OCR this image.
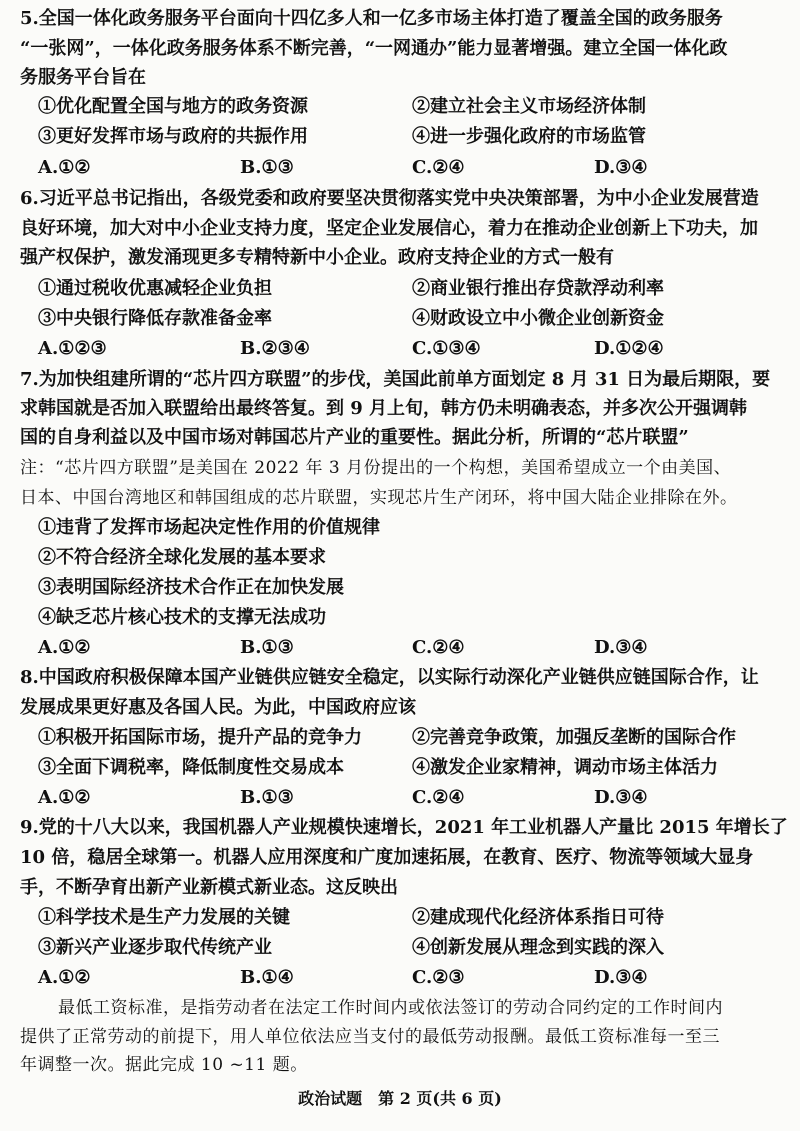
5.全国一体化政务服务平台面向十四亿多人和一亿多市场主体打造了覆盖全国的政务服务
“一张网”，一体化政务服务体系不断完善，“一网通办”能力显著增强。建立全国一体化政
务服务平台旨在
①优化配置全国与地方的政务资源	②建立社会主义市场经济体制
③更好发挥市场与政府的共振作用	④进一步强化政府的市场监管
A.①②	B.①③	C.②④	D.③④
6.习近平总书记指出，各级党委和政府要坚决贯彻落实党中央决策部署，为中小企业发展营造
良好环境，加大对中小企业支持力度，坚定企业发展信心，着力在推动企业创新上下功夫，加
强产权保护，激发涌现更多专精特新中小企业。政府支持企业的方式一般有
①通过税收优惠减轻企业负担	②商业银行推出存贷款浮动利率
③中央银行降低存款准备金率	④财政设立中小微企业创新资金
A.①②③	B.②③④	C.①③④	D.①②④
7.为加快组建所谓的“芯片四方联盟”的步伐，美国此前单方面划定 8 月 31 日为最后期限，要
求韩国就是否加入联盟给出最终答复。到 9 月上旬，韩方仍未明确表态，并多次公开强调韩
国的自身利益以及中国市场对韩国芯片产业的重要性。据此分析，所谓的“芯片联盟”
注：“芯片四方联盟”是美国在 2022 年 3 月份提出的一个构想，美国希望成立一个由美国、
日本、中国台湾地区和韩国组成的芯片联盟，实现芯片生产闭环，将中国大陆企业排除在外。
①违背了发挥市场起决定性作用的价值规律
②不符合经济全球化发展的基本要求
③表明国际经济技术合作正在加快发展
④缺乏芯片核心技术的支撑无法成功
A.①②	B.①③	C.②④	D.③④
8.中国政府积极保障本国产业链供应链安全稳定，以实际行动深化产业链供应链国际合作，让
发展成果更好惠及各国人民。为此，中国政府应该
①积极开拓国际市场，提升产品的竞争力	②完善竞争政策，加强反垄断的国际合作
③全面下调税率，降低制度性交易成本	④激发企业家精神，调动市场主体活力
A.①②	B.①③	C.②④	D.③④
9.党的十八大以来，我国机器人产业规模快速增长，2021 年工业机器人产量比 2015 年增长了
10 倍，稳居全球第一。机器人应用深度和广度加速拓展，在教育、医疗、物流等领域大显身
手，不断孕育出新产业新模式新业态。这反映出
①科学技术是生产力发展的关键	②建成现代化经济体系指日可待
③新兴产业逐步取代传统产业	④创新发展从理念到实践的深入
A.①②	B.①④	C.②③	D.③④
最低工资标准，是指劳动者在法定工作时间内或依法签订的劳动合同约定的工作时间内
提供了正常劳动的前提下，用人单位依法应当支付的最低劳动报酬。最低工资标准每一至三
年调整一次。据此完成 10 ~11 题。
政治试题　第 2 页(共 6 页)
